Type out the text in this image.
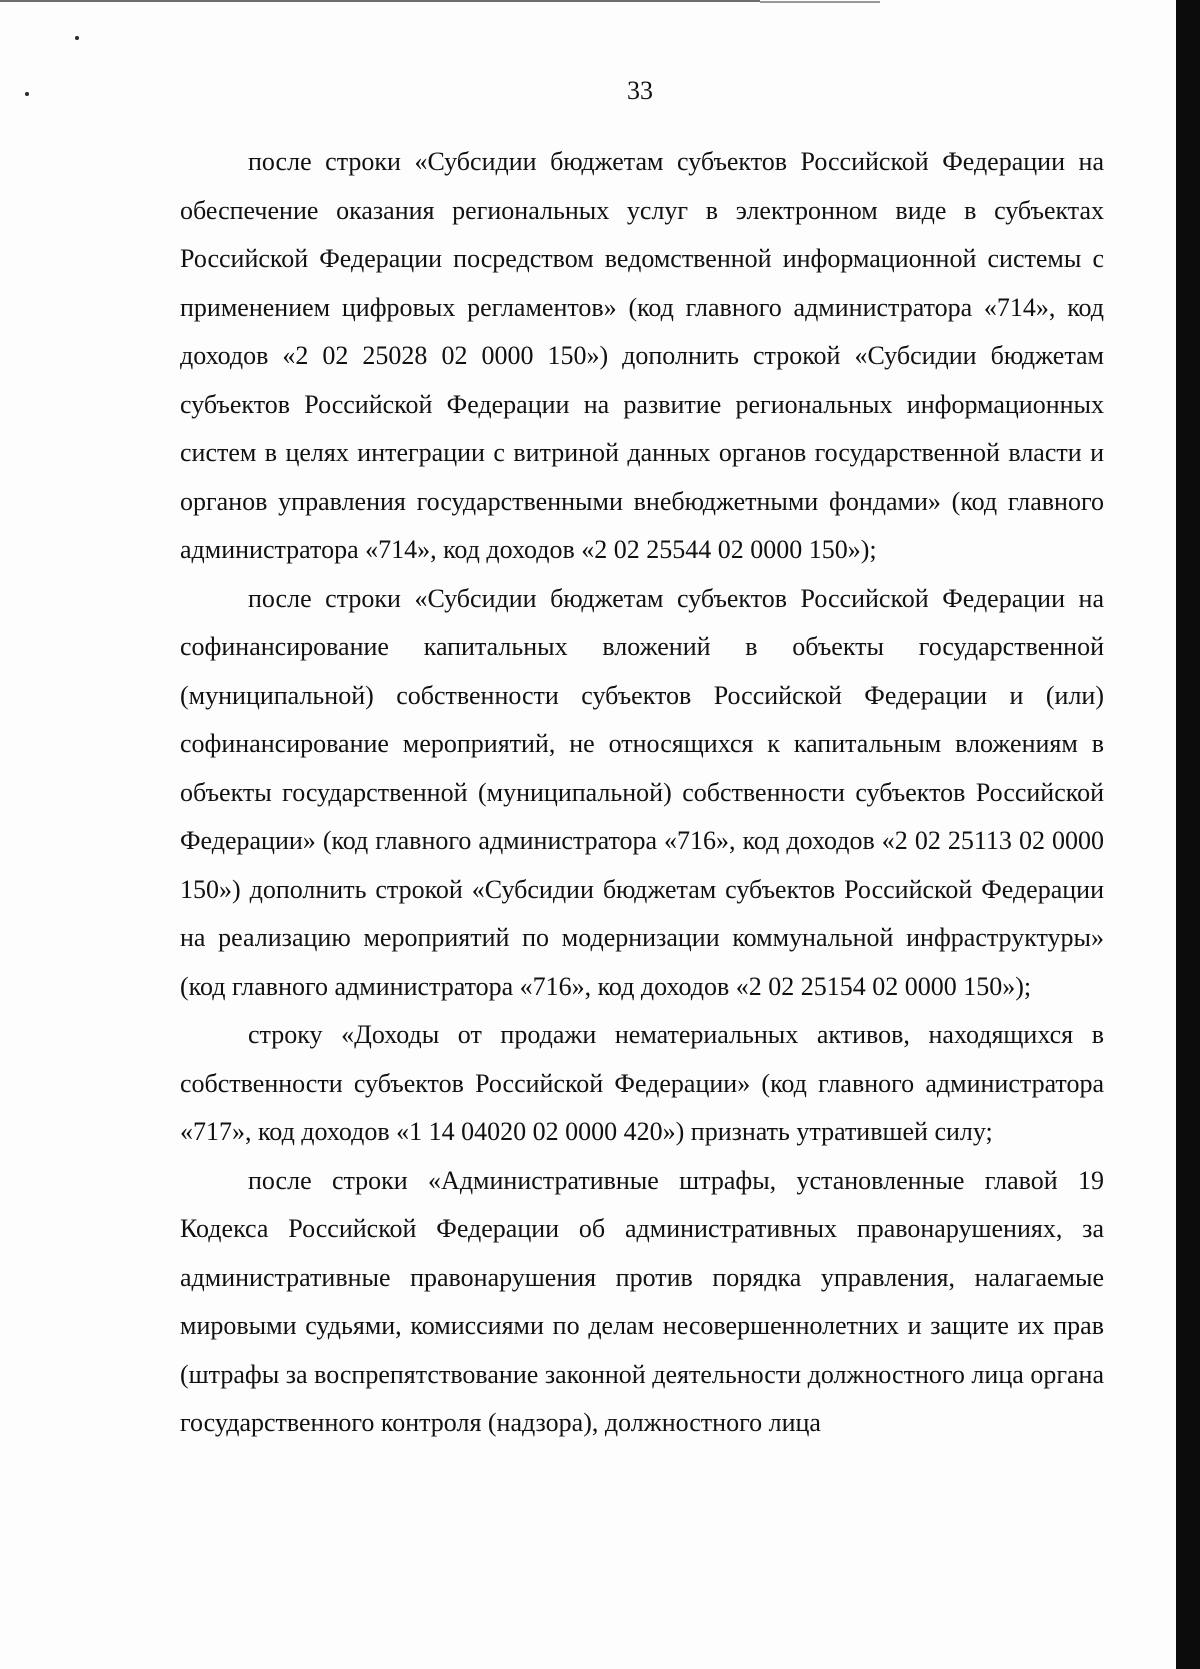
33

после строки «Субсидии бюджетам субъектов Российской Федерации на обеспечение оказания региональных услуг в электронном виде в субъектах Российской Федерации посредством ведомственной информационной системы с применением цифровых регламентов» (код главного администратора «714», код доходов «2 02 25028 02 0000 150») дополнить строкой «Субсидии бюджетам субъектов Российской Федерации на развитие региональных информационных систем в целях интеграции с витриной данных органов государственной власти и органов управления государственными внебюджетными фондами» (код главного администратора «714», код доходов «2 02 25544 02 0000 150»);

после строки «Субсидии бюджетам субъектов Российской Федерации на софинансирование капитальных вложений в объекты государственной (муниципальной) собственности субъектов Российской Федерации и (или) софинансирование мероприятий, не относящихся к капитальным вложениям в объекты государственной (муниципальной) собственности субъектов Российской Федерации» (код главного администратора «716», код доходов «2 02 25113 02 0000 150») дополнить строкой «Субсидии бюджетам субъектов Российской Федерации на реализацию мероприятий по модернизации коммунальной инфраструктуры» (код главного администратора «716», код доходов «2 02 25154 02 0000 150»);

строку «Доходы от продажи нематериальных активов, находящихся в собственности субъектов Российской Федерации» (код главного администратора «717», код доходов «1 14 04020 02 0000 420») признать утратившей силу;

после строки «Административные штрафы, установленные главой 19 Кодекса Российской Федерации об административных правонарушениях, за административные правонарушения против порядка управления, налагаемые мировыми судьями, комиссиями по делам несовершеннолетних и защите их прав (штрафы за воспрепятствование законной деятельности должностного лица органа государственного контроля (надзора), должностного лица
